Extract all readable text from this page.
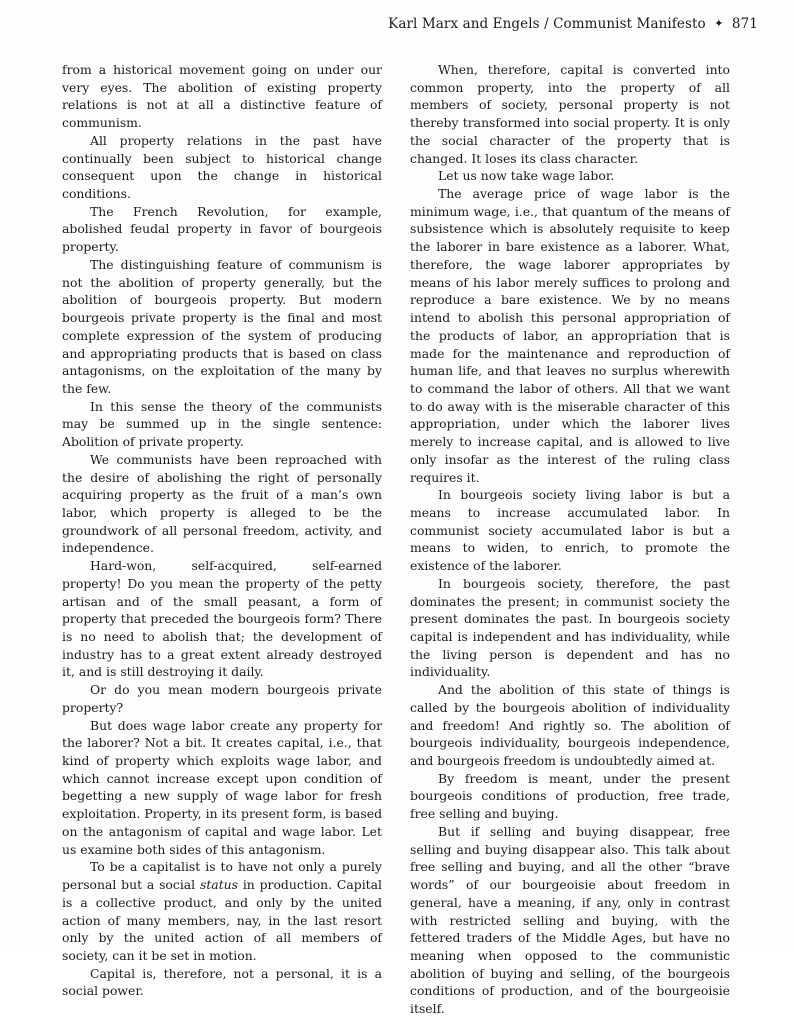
Karl Marx and Engels / Communist Manifesto ✦ 871

from a historical movement going on under our very eyes. The abolition of existing property relations is not at all a distinctive feature of communism.

All property relations in the past have continually been subject to historical change consequent upon the change in historical conditions.

The French Revolution, for example, abolished feudal property in favor of bourgeois property.

The distinguishing feature of communism is not the abolition of property generally, but the abolition of bourgeois property. But modern bourgeois private property is the final and most complete expression of the system of producing and appropriating products that is based on class antagonisms, on the exploitation of the many by the few.

In this sense the theory of the communists may be summed up in the single sentence: Abolition of private property.

We communists have been reproached with the desire of abolishing the right of personally acquiring property as the fruit of a man’s own labor, which property is alleged to be the groundwork of all personal freedom, activity, and independence.

Hard-won, self-acquired, self-earned property! Do you mean the property of the petty artisan and of the small peasant, a form of property that preceded the bourgeois form? There is no need to abolish that; the development of industry has to a great extent already destroyed it, and is still destroying it daily.

Or do you mean modern bourgeois private property?

But does wage labor create any property for the laborer? Not a bit. It creates capital, i.e., that kind of property which exploits wage labor, and which cannot increase except upon condition of begetting a new supply of wage labor for fresh exploitation. Property, in its present form, is based on the antagonism of capital and wage labor. Let us examine both sides of this antagonism.

To be a capitalist is to have not only a purely personal but a social status in production. Capital is a collective product, and only by the united action of many members, nay, in the last resort only by the united action of all members of society, can it be set in motion.

Capital is, therefore, not a personal, it is a social power.

When, therefore, capital is converted into common property, into the property of all members of society, personal property is not thereby transformed into social property. It is only the social character of the property that is changed. It loses its class character.

Let us now take wage labor.

The average price of wage labor is the minimum wage, i.e., that quantum of the means of subsistence which is absolutely requisite to keep the laborer in bare existence as a laborer. What, therefore, the wage laborer appropriates by means of his labor merely suffices to prolong and reproduce a bare existence. We by no means intend to abolish this personal appropriation of the products of labor, an appropriation that is made for the maintenance and reproduction of human life, and that leaves no surplus wherewith to command the labor of others. All that we want to do away with is the miserable character of this appropriation, under which the laborer lives merely to increase capital, and is allowed to live only insofar as the interest of the ruling class requires it.

In bourgeois society living labor is but a means to increase accumulated labor. In communist society accumulated labor is but a means to widen, to enrich, to promote the existence of the laborer.

In bourgeois society, therefore, the past dominates the present; in communist society the present dominates the past. In bourgeois society capital is independent and has individuality, while the living person is dependent and has no individuality.

And the abolition of this state of things is called by the bourgeois abolition of individuality and freedom! And rightly so. The abolition of bourgeois individuality, bourgeois independence, and bourgeois freedom is undoubtedly aimed at.

By freedom is meant, under the present bourgeois conditions of production, free trade, free selling and buying.

But if selling and buying disappear, free selling and buying disappear also. This talk about free selling and buying, and all the other “brave words” of our bourgeoisie about freedom in general, have a meaning, if any, only in contrast with restricted selling and buying, with the fettered traders of the Middle Ages, but have no meaning when opposed to the communistic abolition of buying and selling, of the bourgeois conditions of production, and of the bourgeoisie itself.
